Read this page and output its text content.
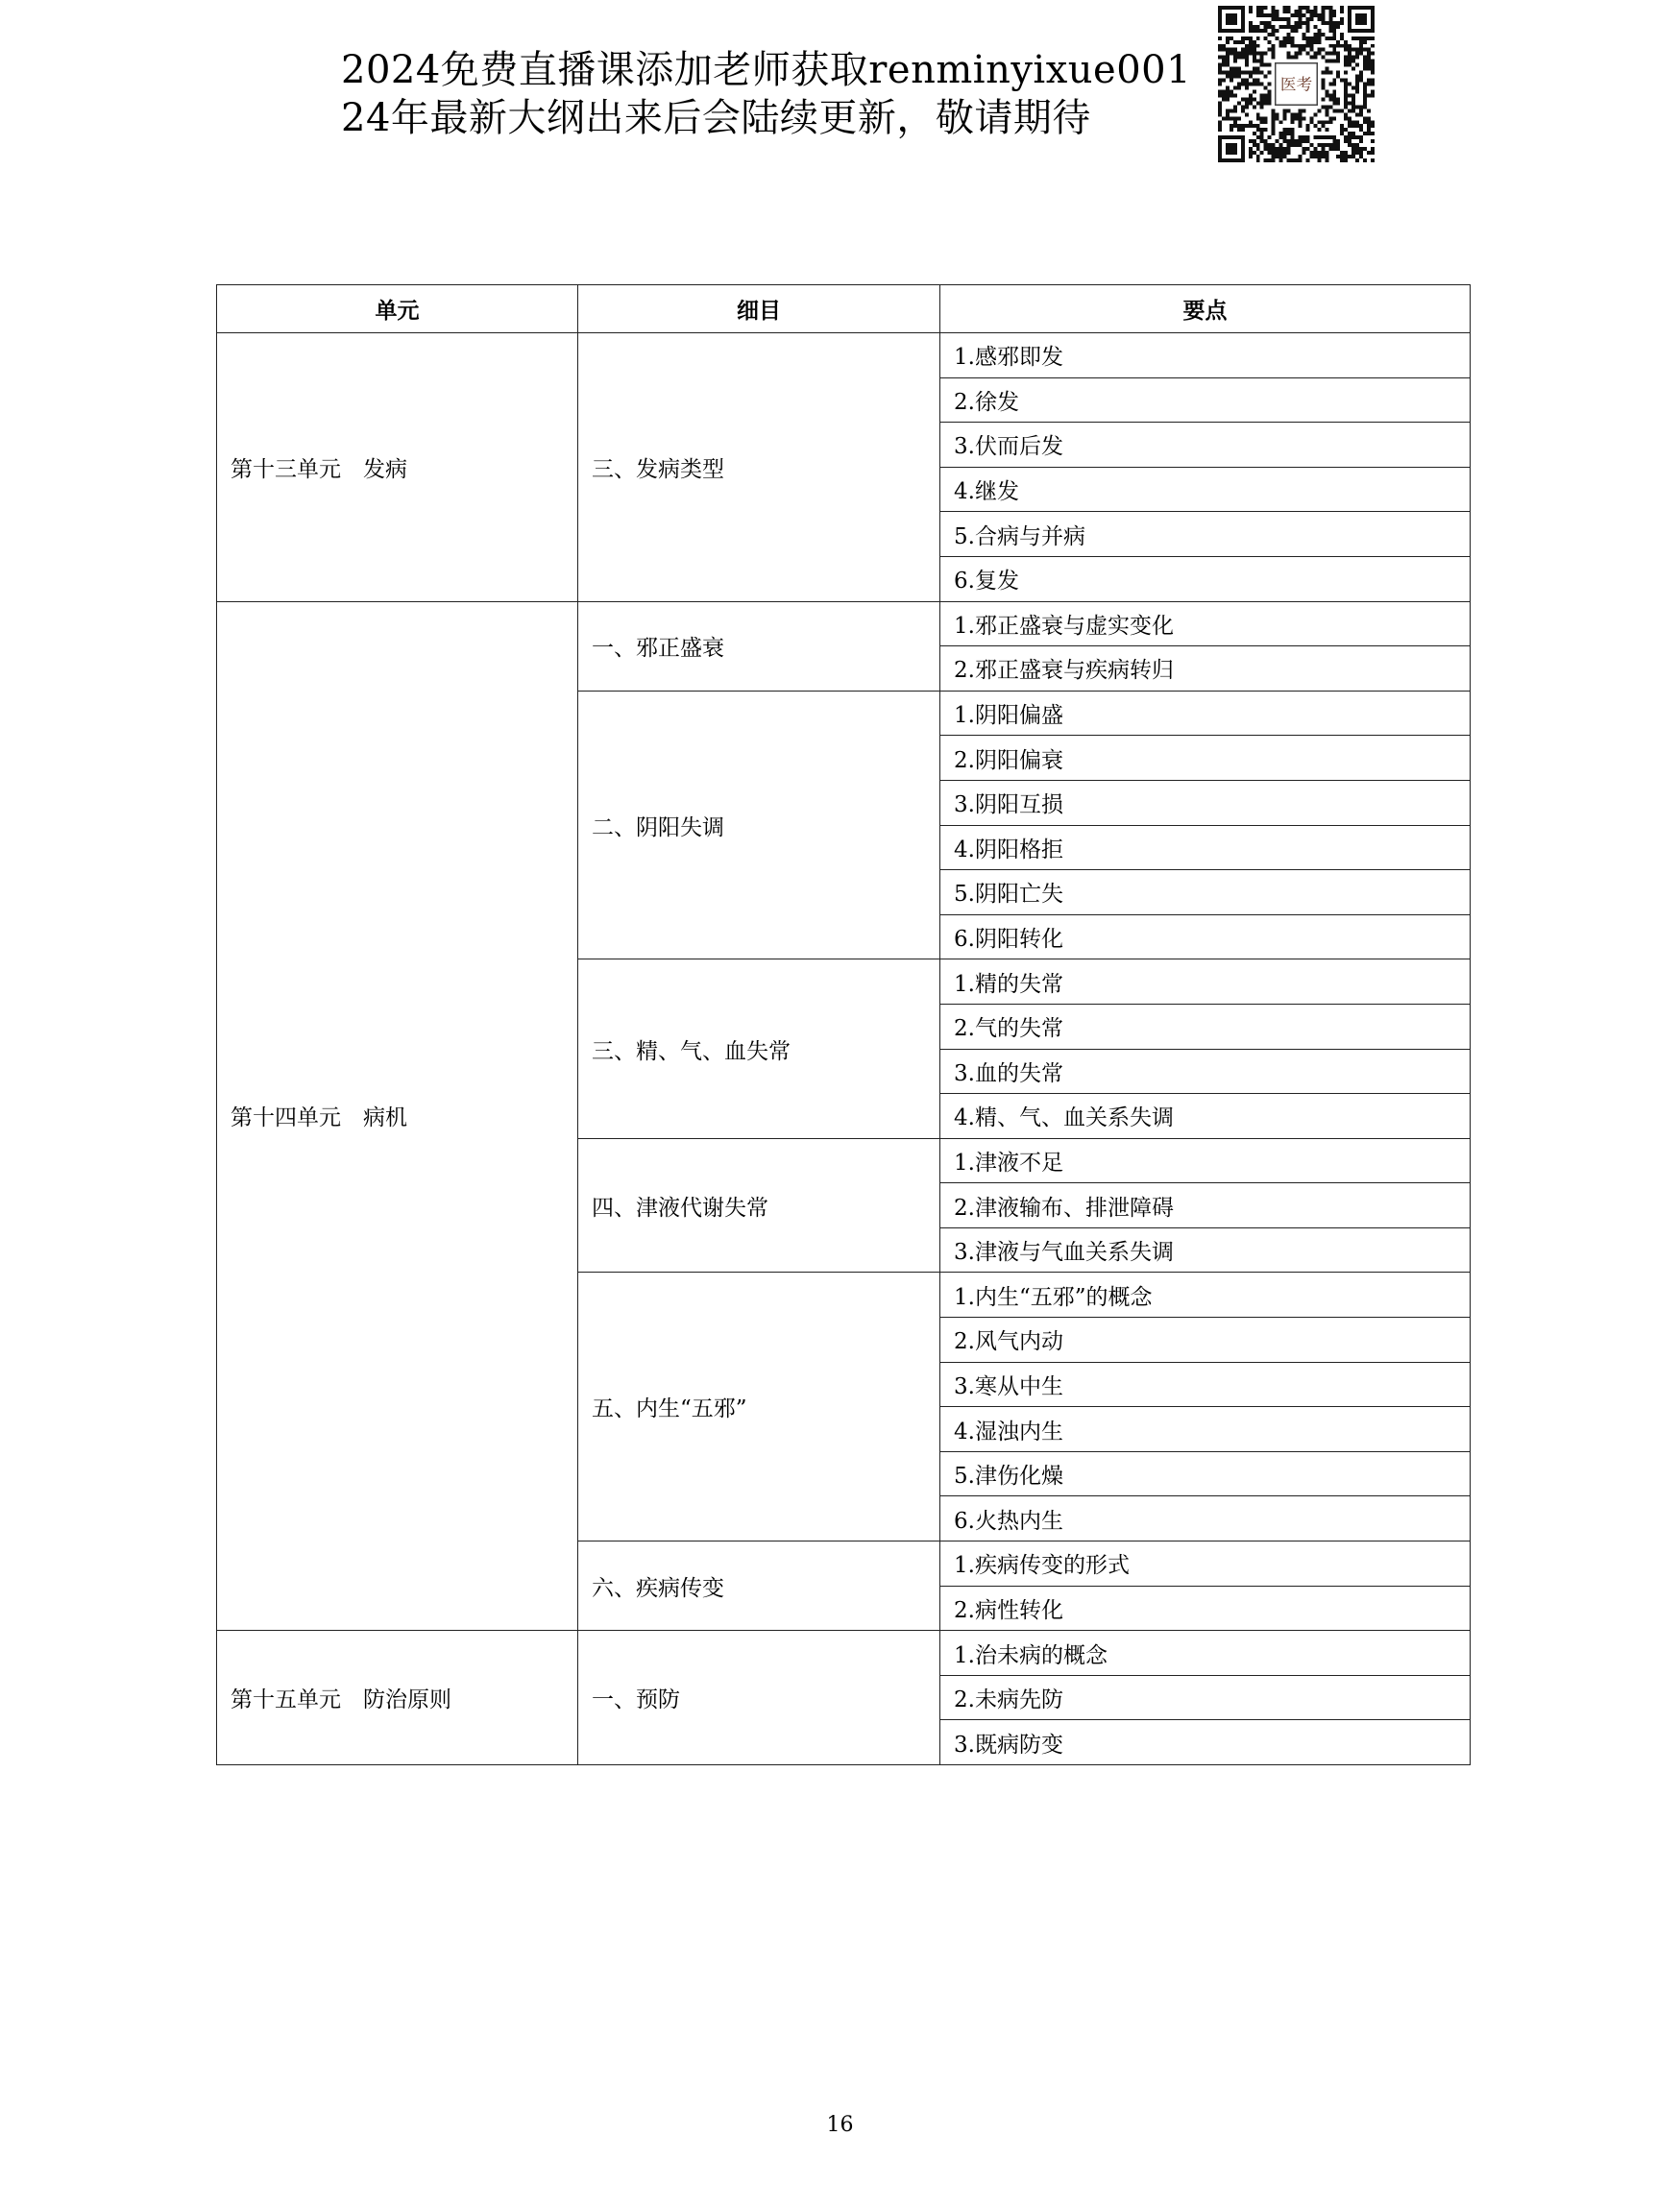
2024免费直播课添加老师获取renminyixue001
24年最新大纲出来后会陆续更新，敬请期待
医考
单元	细目	要点
第十三单元　发病	三、发病类型	1.感邪即发
		2.徐发
		3.伏而后发
		4.继发
		5.合病与并病
		6.复发
第十四单元　病机	一、邪正盛衰	1.邪正盛衰与虚实变化
		2.邪正盛衰与疾病转归
	二、阴阳失调	1.阴阳偏盛
		2.阴阳偏衰
		3.阴阳互损
		4.阴阳格拒
		5.阴阳亡失
		6.阴阳转化
	三、精、气、血失常	1.精的失常
		2.气的失常
		3.血的失常
		4.精、气、血关系失调
	四、津液代谢失常	1.津液不足
		2.津液输布、排泄障碍
		3.津液与气血关系失调
	五、内生“五邪”	1.内生“五邪”的概念
		2.风气内动
		3.寒从中生
		4.湿浊内生
		5.津伤化燥
		6.火热内生
	六、疾病传变	1.疾病传变的形式
		2.病性转化
第十五单元　防治原则	一、预防	1.治未病的概念
		2.未病先防
		3.既病防变
16
